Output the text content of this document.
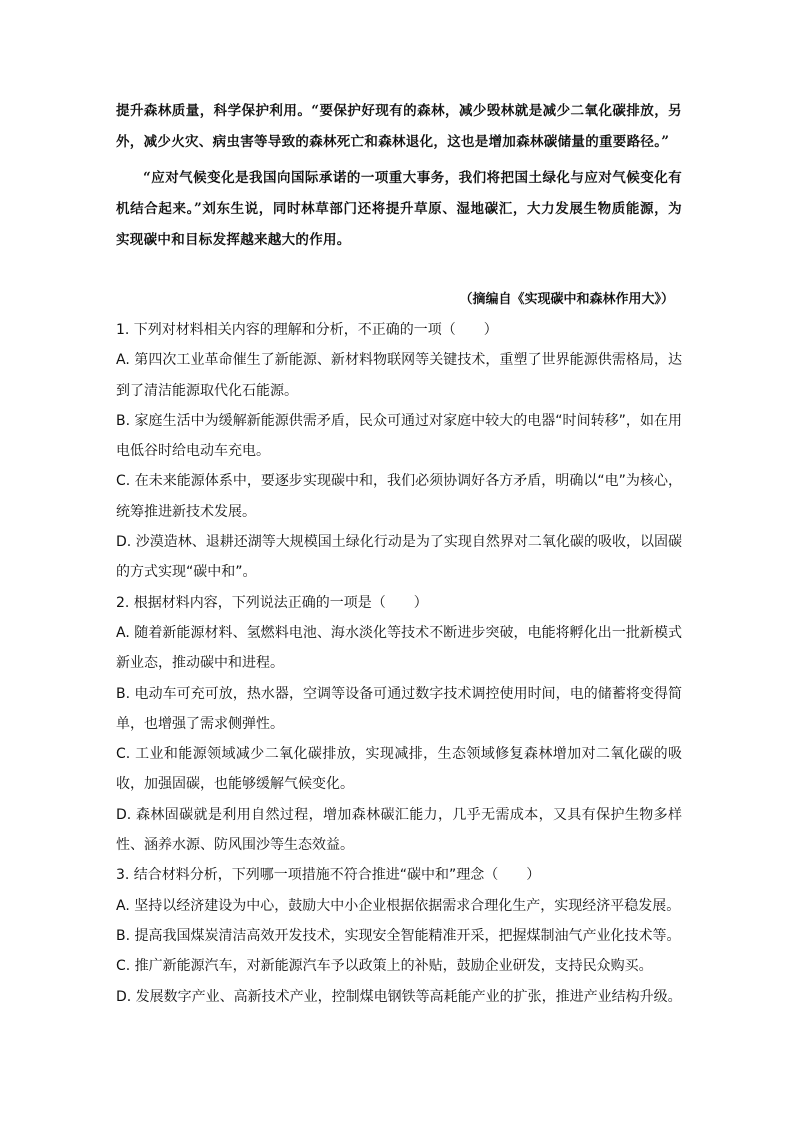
提升森林质量，科学保护利用。“要保护好现有的森林，减少毁林就是减少二氧化碳排放，另外，减少火灾、病虫害等导致的森林死亡和森林退化，这也是增加森林碳储量的重要路径。”

“应对气候变化是我国向国际承诺的一项重大事务，我们将把国土绿化与应对气候变化有机结合起来。”刘东生说，同时林草部门还将提升草原、湿地碳汇，大力发展生物质能源，为实现碳中和目标发挥越来越大的作用。

（摘编自《实现碳中和森林作用大》）

1. 下列对材料相关内容的理解和分析，不正确的一项（　　）

A. 第四次工业革命催生了新能源、新材料物联网等关键技术，重塑了世界能源供需格局，达到了清洁能源取代化石能源。

B. 家庭生活中为缓解新能源供需矛盾，民众可通过对家庭中较大的电器“时间转移”，如在用电低谷时给电动车充电。

C. 在未来能源体系中，要逐步实现碳中和，我们必须协调好各方矛盾，明确以“电”为核心，统筹推进新技术发展。

D. 沙漠造林、退耕还湖等大规模国土绿化行动是为了实现自然界对二氧化碳的吸收，以固碳的方式实现“碳中和”。

2. 根据材料内容，下列说法正确的一项是（　　）

A. 随着新能源材料、氢燃料电池、海水淡化等技术不断进步突破，电能将孵化出一批新模式新业态，推动碳中和进程。

B. 电动车可充可放，热水器，空调等设备可通过数字技术调控使用时间，电的储蓄将变得简单，也增强了需求侧弹性。

C. 工业和能源领域减少二氧化碳排放，实现减排，生态领域修复森林增加对二氧化碳的吸收，加强固碳，也能够缓解气候变化。

D. 森林固碳就是利用自然过程，增加森林碳汇能力，几乎无需成本，又具有保护生物多样性、涵养水源、防风围沙等生态效益。

3. 结合材料分析，下列哪一项措施不符合推进“碳中和”理念（　　）

A. 坚持以经济建设为中心，鼓励大中小企业根据依据需求合理化生产，实现经济平稳发展。

B. 提高我国煤炭清洁高效开发技术，实现安全智能精准开采，把握煤制油气产业化技术等。

C. 推广新能源汽车，对新能源汽车予以政策上的补贴，鼓励企业研发，支持民众购买。

D. 发展数字产业、高新技术产业，控制煤电钢铁等高耗能产业的扩张，推进产业结构升级。
